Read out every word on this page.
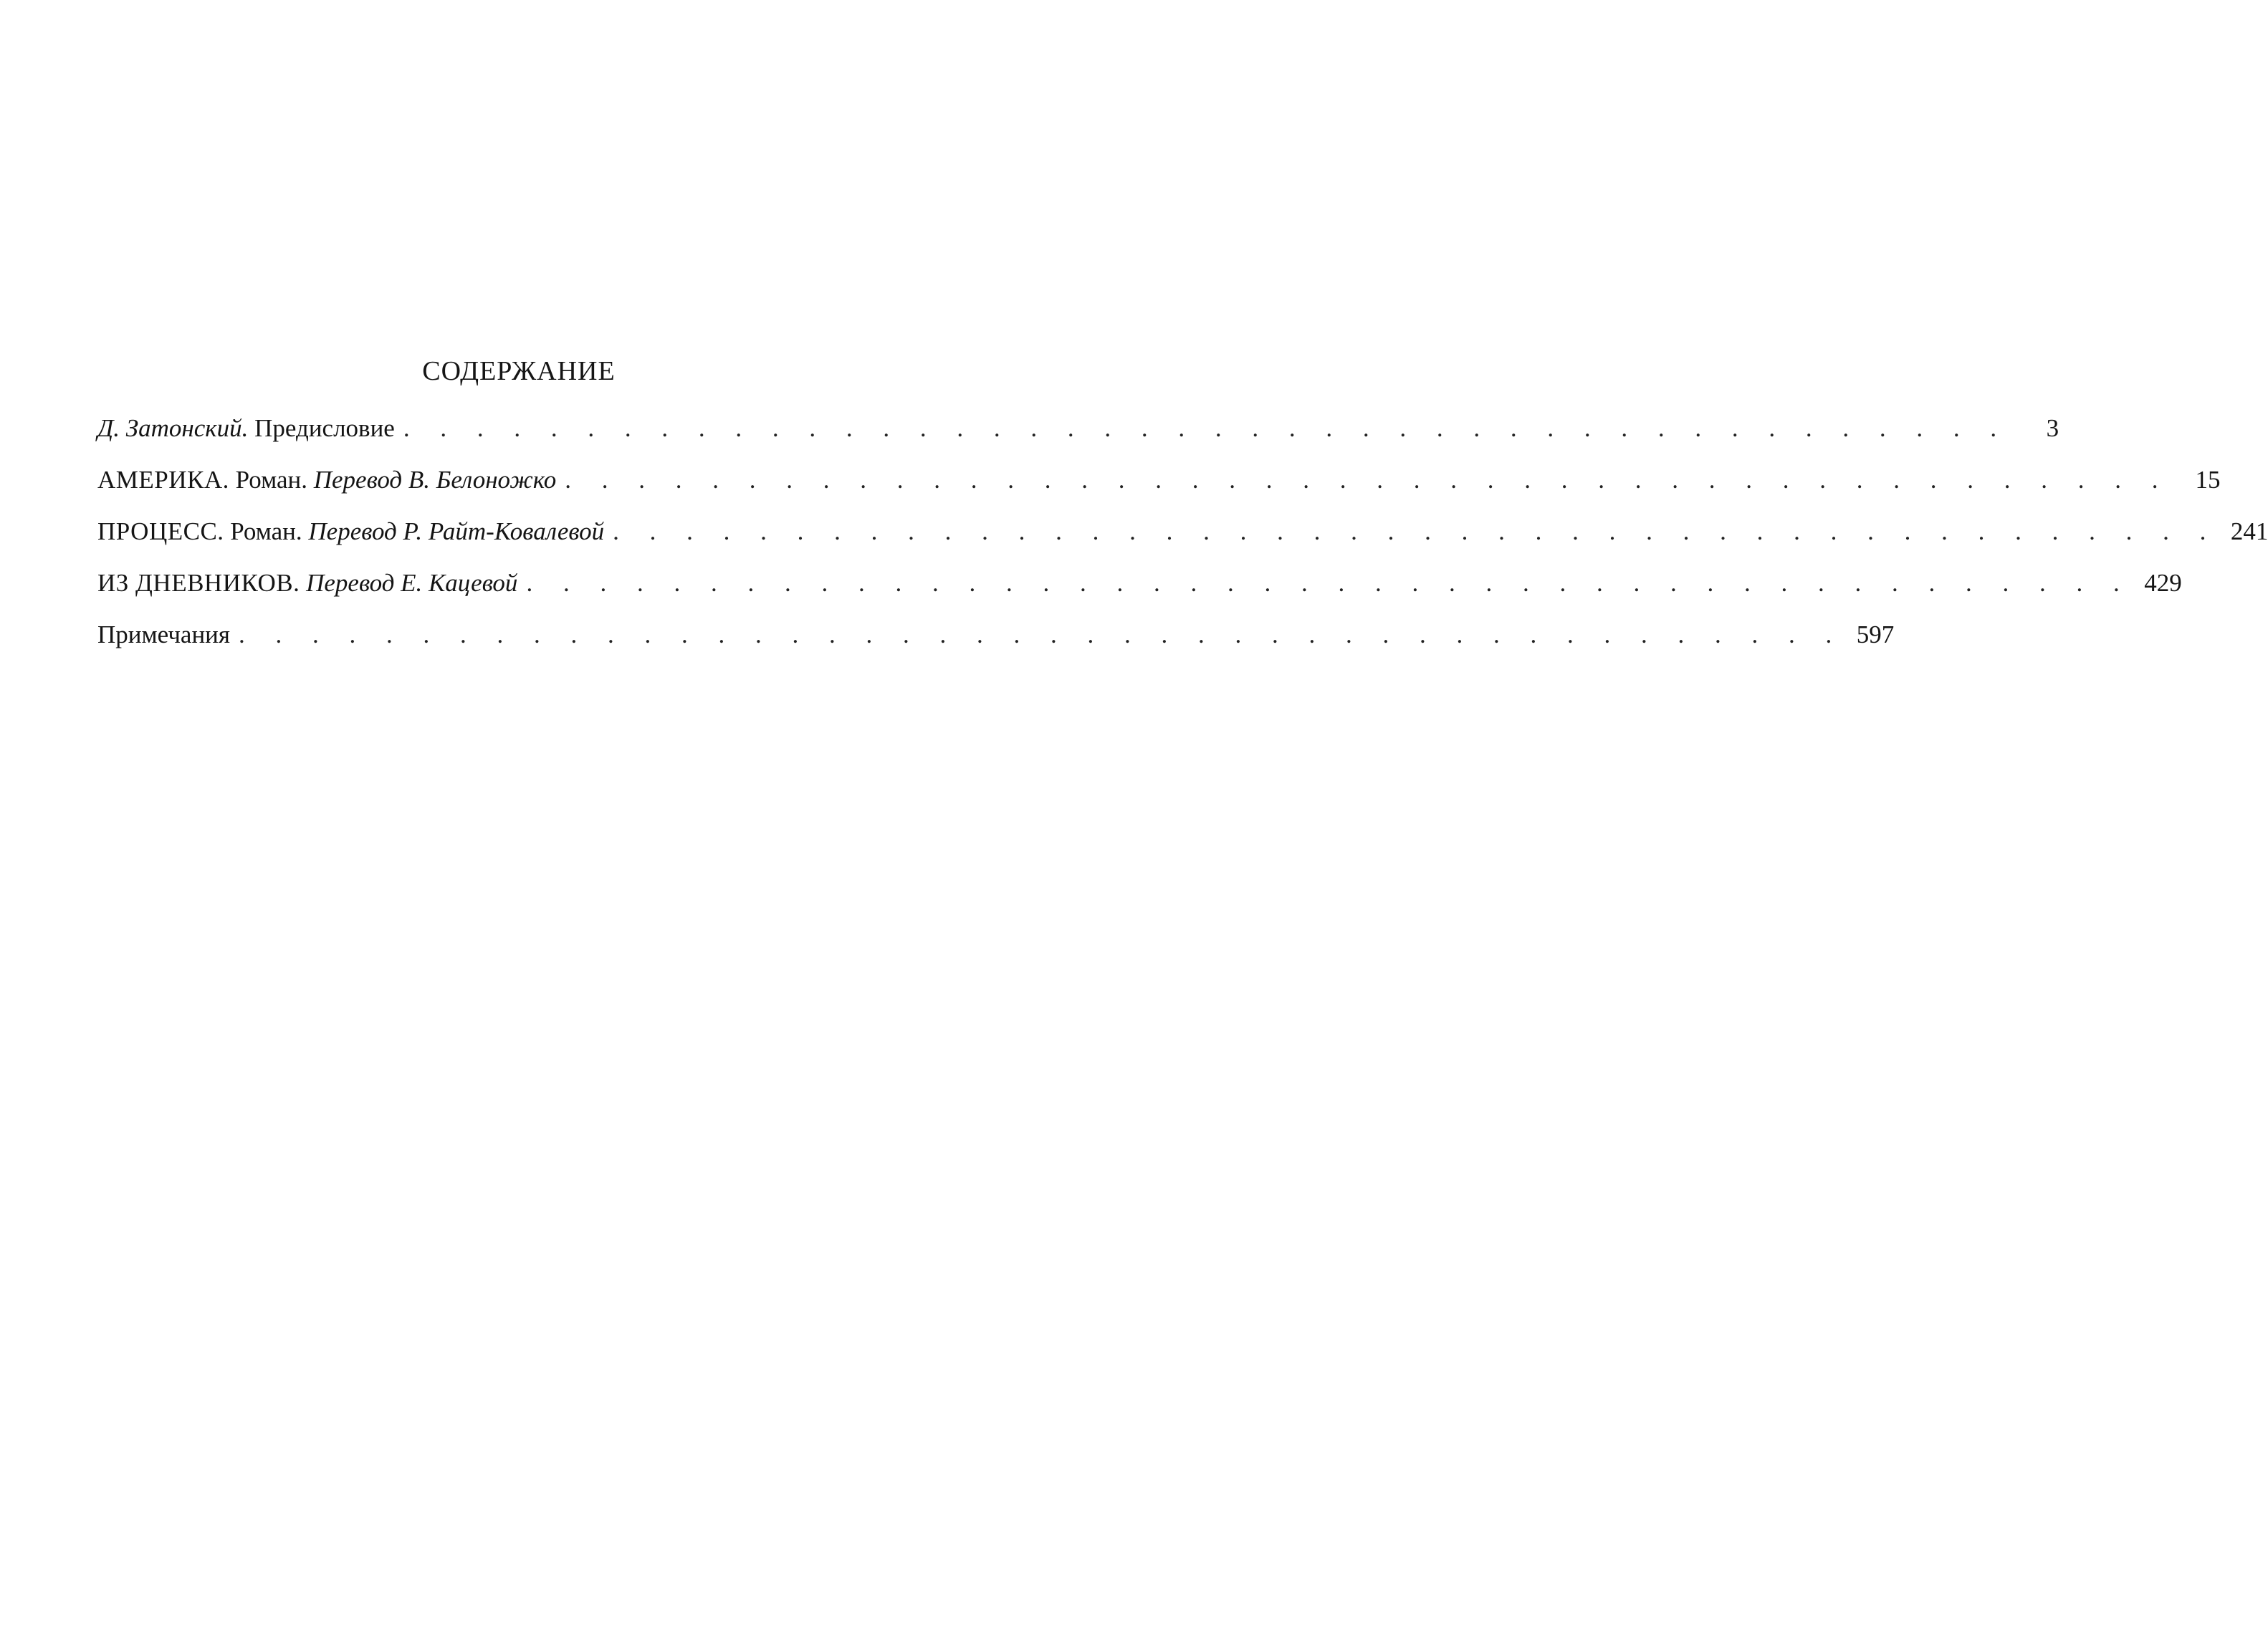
СОДЕРЖАНИЕ
Д. Затонский. Предисловие . . . . . . . . . . . . . . . . . . . . . . . . . . . . . . . . . . . . . . . . . . . .	3
АМЕРИКА. Роман. Перевод В. Белоножко . . . . . . . . . . . . . . . . . . . . . . . . . . . . . . . . . . . . . . . . . . . .	15
ПРОЦЕСС. Роман. Перевод Р. Райт-Ковалевой . . . . . . . . . . . . . . . . . . . . . . . . . . . . . . . . . . . . . . . . . . . . 241
ИЗ ДНЕВНИКОВ. Перевод Е. Кацевой . . . . . . . . . . . . . . . . . . . . . . . . . . . . . . . . . . . . . . . . . . . . 429
Примечания . . . . . . . . . . . . . . . . . . . . . . . . . . . . . . . . . . . . . . . . . . . . 597
